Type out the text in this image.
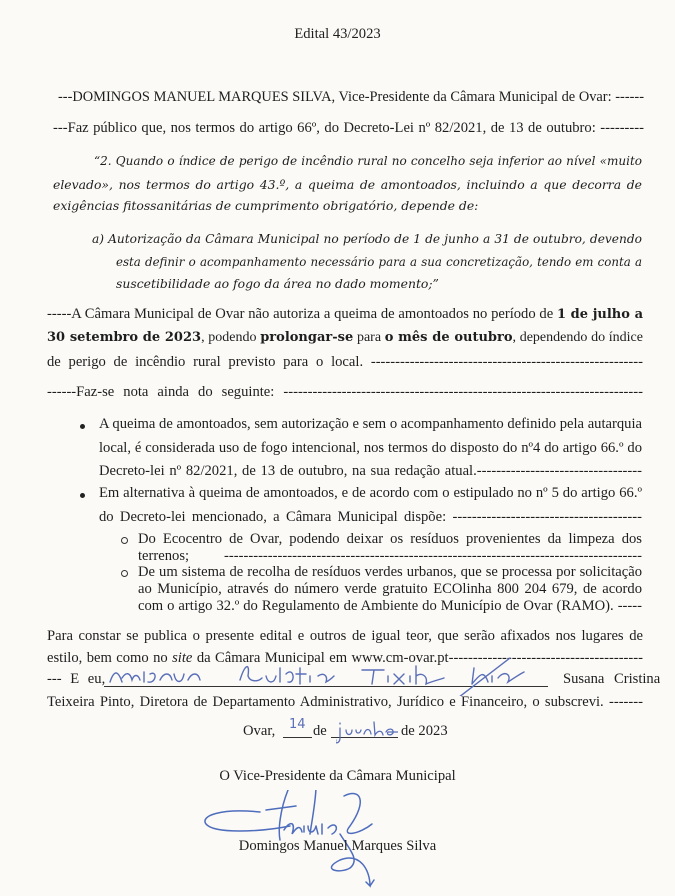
Edital 43/2023
---DOMINGOS MANUEL MARQUES SILVA, Vice-Presidente da Câmara Municipal de Ovar: ------
---Faz público que, nos termos do artigo 66º, do Decreto-Lei nº 82/2021, de 13 de outubro: ---------
“2. Quando o índice de perigo de incêndio rural no concelho seja inferior ao nível «muito
elevado», nos termos do artigo 43.º, a queima de amontoados, incluindo a que decorra de
exigências fitossanitárias de cumprimento obrigatório, depende de:
a) Autorização da Câmara Municipal no período de 1 de junho a 31 de outubro, devendo
esta definir o acompanhamento necessário para a sua concretização, tendo em conta a
suscetibilidade ao fogo da área no dado momento;”
-----A Câmara Municipal de Ovar não autoriza a queima de amontoados no período de 1 de julho a
30 setembro de 2023, podendo prolongar-se para o mês de outubro, dependendo do índice
de perigo de incêndio rural previsto para o local. --------------------------------------------------------
------Faz-se nota ainda do seguinte: --------------------------------------------------------------------------
A queima de amontoados, sem autorização e sem o acompanhamento definido pela autarquia
local, é considerada uso de fogo intencional, nos termos do disposto do nº4 do artigo 66.º do
Decreto-lei nº 82/2021, de 13 de outubro, na sua redação atual.----------------------------------
Em alternativa à queima de amontoados, e de acordo com o estipulado no nº 5 do artigo 66.º
do Decreto-lei mencionado, a Câmara Municipal dispõe: ---------------------------------------
Do Ecocentro de Ovar, podendo deixar os resíduos provenientes da limpeza dos
terrenos; --------------------------------------------------------------------------------------
De um sistema de recolha de resíduos verdes urbanos, que se processa por solicitação
ao Município, através do número verde gratuito ECOlinha 800 204 679, de acordo
com o artigo 32.º do Regulamento de Ambiente do Município de Ovar (RAMO). -----
Para constar se publica o presente edital e outros de igual teor, que serão afixados nos lugares de
estilo, bem como no site da Câmara Municipal em www.cm-ovar.pt----------------------------------------
--- E eu,	Susana Cristina
Teixeira Pinto, Diretora de Departamento Administrativo, Jurídico e Financeiro, o subscrevi. -------
Ovar, 14 de	de 2023
O Vice-Presidente da Câmara Municipal
Domingos Manuel Marques Silva
